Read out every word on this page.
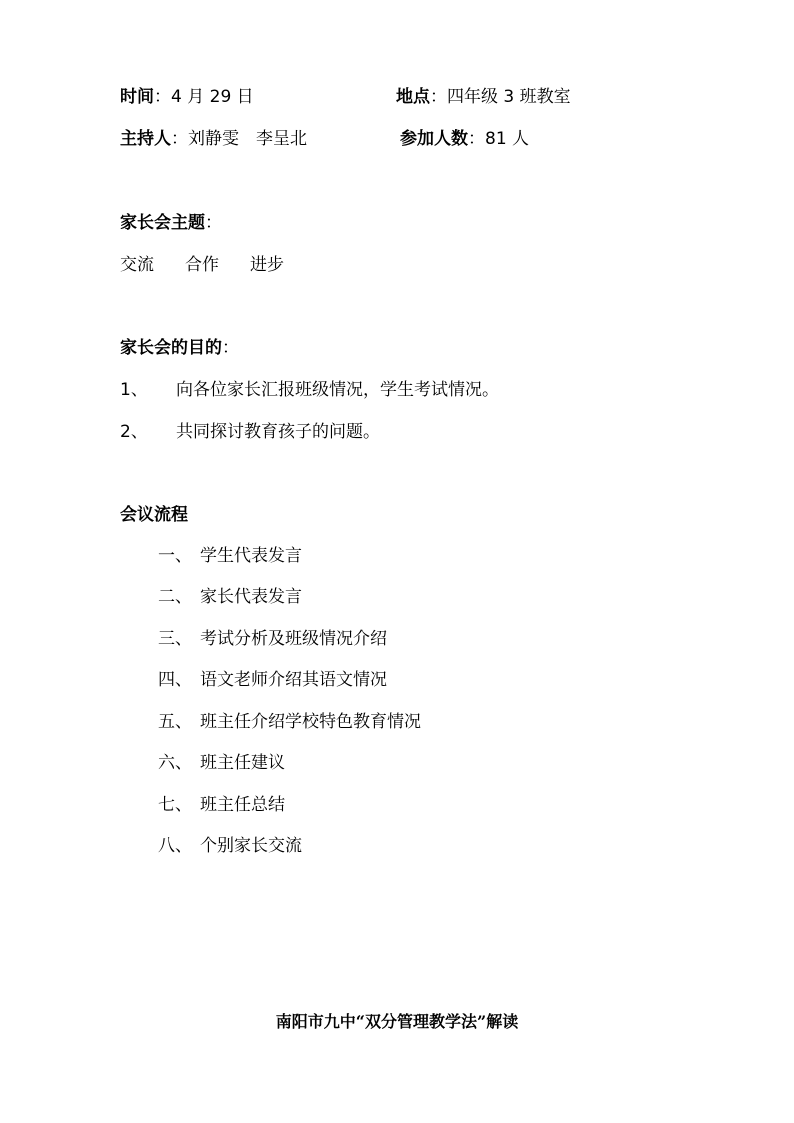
时间：4 月 29 日	地点：四年级 3 班教室
主持人：刘静雯　李呈北	参加人数：81 人
家长会主题：
交流 合作 进步
家长会的目的：
1、 向各位家长汇报班级情况，学生考试情况。
2、 共同探讨教育孩子的问题。
会议流程
一、 学生代表发言
二、 家长代表发言
三、 考试分析及班级情况介绍
四、 语文老师介绍其语文情况
五、 班主任介绍学校特色教育情况
六、 班主任建议
七、 班主任总结
八、 个别家长交流
南阳市九中“双分管理教学法”解读
